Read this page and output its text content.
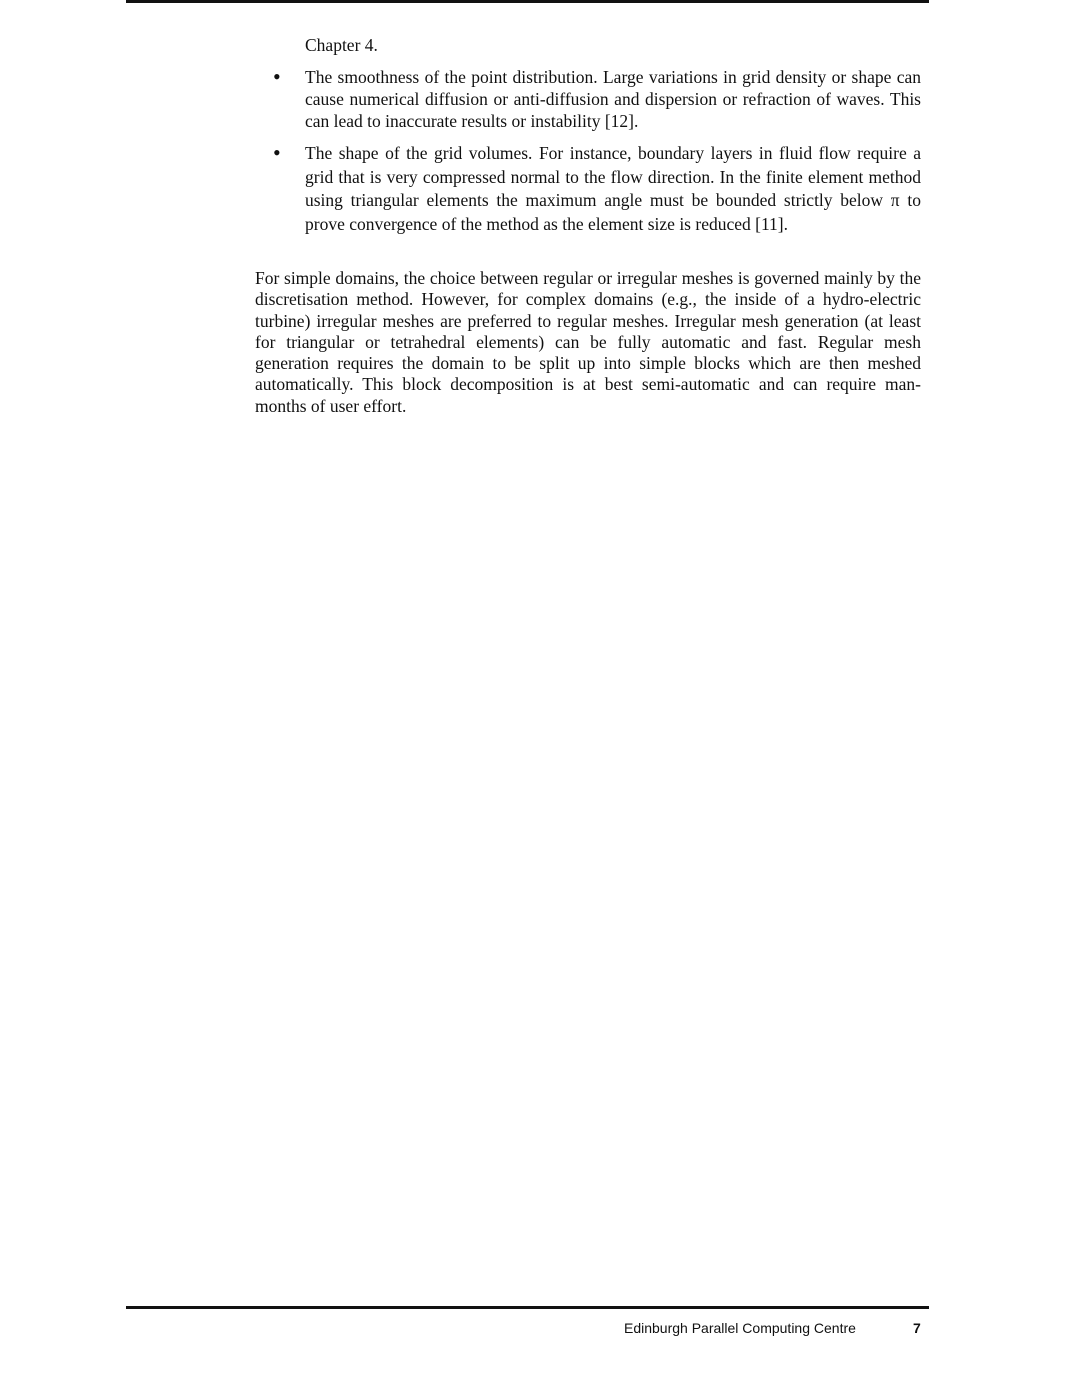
Chapter 4.

• The smoothness of the point distribution. Large variations in grid density or shape can cause numerical diffusion or anti-diffusion and dispersion or refraction of waves. This can lead to inaccurate results or instability [12].
• The shape of the grid volumes. For instance, boundary layers in fluid flow require a grid that is very compressed normal to the flow direction. In the finite element method using triangular elements the maximum angle must be bounded strictly below π to prove convergence of the method as the element size is reduced [11].

For simple domains, the choice between regular or irregular meshes is governed mainly by the discretisation method. However, for complex domains (e.g., the inside of a hydro-electric turbine) irregular meshes are preferred to regular meshes. Irregular mesh generation (at least for triangular or tetrahedral elements) can be fully automatic and fast. Regular mesh generation requires the domain to be split up into simple blocks which are then meshed automatically. This block decomposition is at best semi-automatic and can require man-months of user effort.

Edinburgh Parallel Computing Centre	7
